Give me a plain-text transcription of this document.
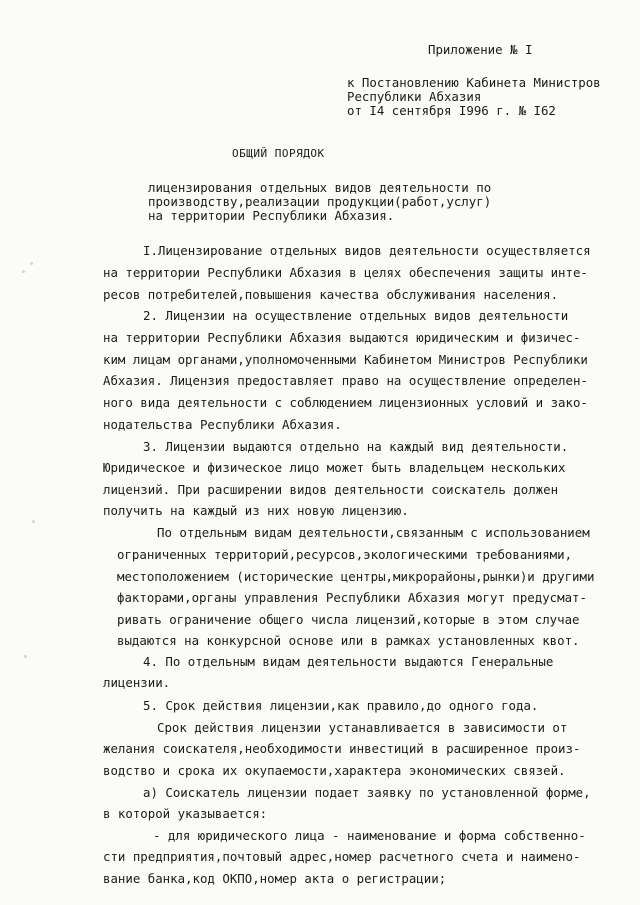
Приложение № I
к Постановлению Кабинета Министров
Республики Абхазия
от I4 сентября I996 г. № I62
ОБЩИЙ ПОРЯДОК
лицензирования отдельных видов деятельности по
производству,реализации продукции(работ,услуг)
на территории Республики Абхазия.
I.Лицензирование отдельных видов деятельности осуществляется
на территории Республики Абхазия в целях обеспечения защиты инте-
ресов потребителей,повышения качества обслуживания населения.
2. Лицензии на осуществление отдельных видов деятельности
на территории Республики Абхазия выдаются юридическим и физичес-
ким лицам органами,уполномоченными Кабинетом Министров Республики
Абхазия. Лицензия предоставляет право на осуществление определен-
ного вида деятельности с соблюдением лицензионных условий и зако-
нодательства Республики Абхазия.
3. Лицензии выдаются отдельно на каждый вид деятельности.
Юридическое и физическое лицо может быть владельцем нескольких
лицензий. При расширении видов деятельности соискатель должен
получить на каждый из них новую лицензию.
По отдельным видам деятельности,связанным с использованием
ограниченных территорий,ресурсов,экологическими требованиями,
местоположением (исторические центры,микрорайоны,рынки)и другими
факторами,органы управления Республики Абхазия могут предусмат-
ривать ограничение общего числа лицензий,которые в этом случае
выдаются на конкурсной основе или в рамках установленных квот.
4. По отдельным видам деятельности выдаются Генеральные
лицензии.
5. Срок действия лицензии,как правило,до одного года.
Срок действия лицензии устанавливается в зависимости от
желания соискателя,необходимости инвестиций в расширенное произ-
водство и срока их окупаемости,характера экономических связей.
а) Соискатель лицензии подает заявку по установленной форме,
в которой указывается:
- для юридического лица - наименование и форма собственно-
сти предприятия,почтовый адрес,номер расчетного счета и наимено-
вание банка,код ОКПО,номер акта о регистрации;
